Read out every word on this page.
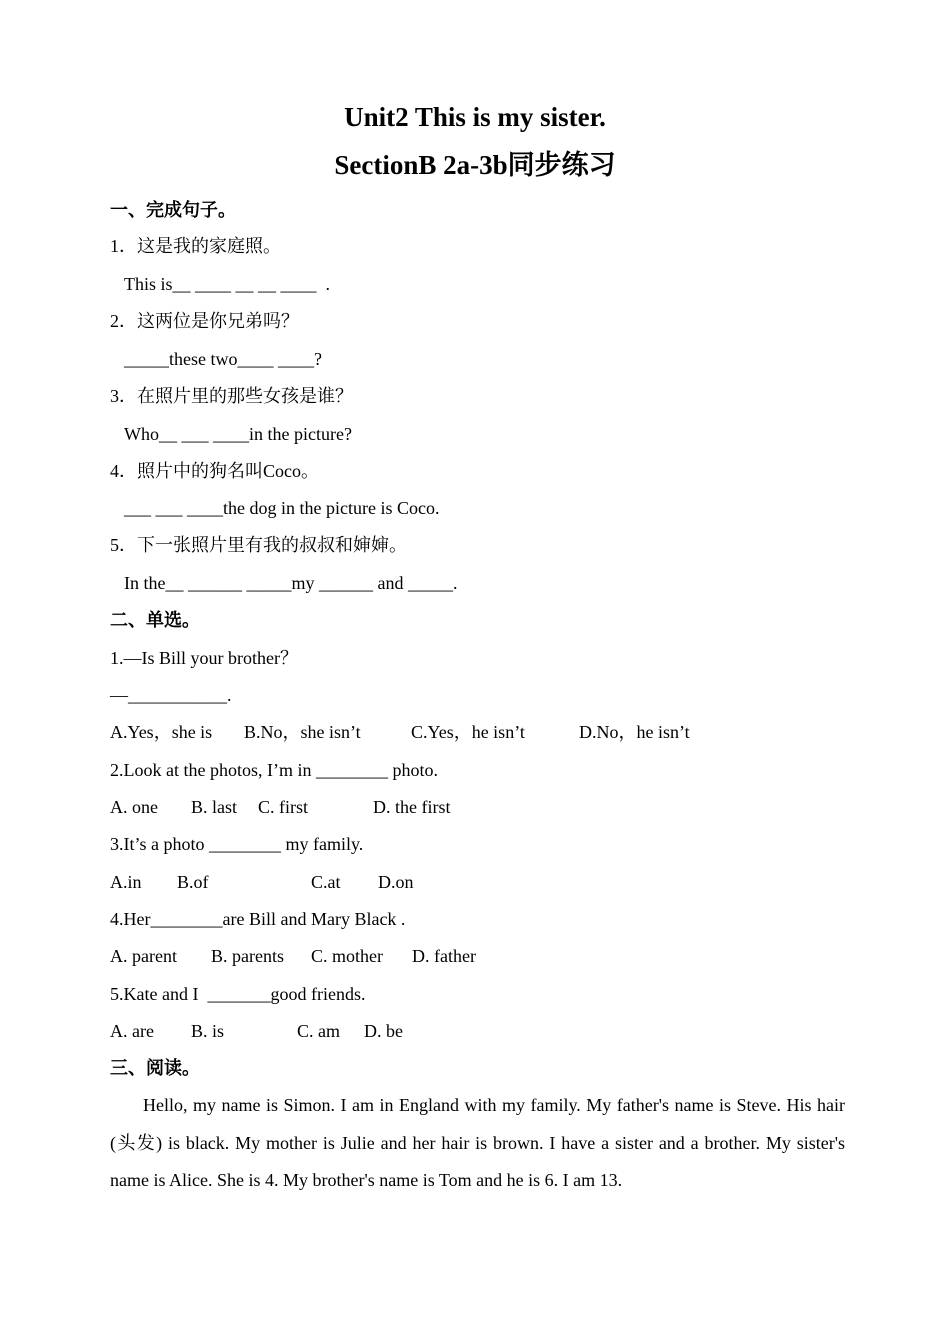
Unit2 This is my sister.
SectionB 2a-3b同步练习
一、完成句子。
1．这是我的家庭照。
This is__ ____ __ __ ____  .
2．这两位是你兄弟吗？
_____these two____ ____?
3．在照片里的那些女孩是谁？
Who__ ___ ____in the picture?
4．照片中的狗名叫Coco。
___ ___ ____the dog in the picture is Coco.
5．下一张照片里有我的叔叔和婶婶。
In the__ ______ _____my ______ and _____.
二、单选。
1.—Is Bill your brother？
—___________.
A.Yes，she is B.No，she isn’t	C.Yes，he isn’t	D.No，he isn’t
2.Look at the photos, I’m in ________ photo.
A. one B. last C. first	D. the first
3.It’s a photo ________ my family.
A.in B.of	C.at D.on
4.Her________are Bill and Mary Black .
A. parent B. parents C. mother D. father
5.Kate and I  _______good friends.
A. are B. is	C. am D. be
三、阅读。

Hello, my name is Simon. I am in England with my family. My father's name is Steve. His hair (头发) is black. My mother is Julie and her hair is brown. I have a sister and a brother. My sister's name is Alice. She is 4. My brother's name is Tom and he is 6. I am 13.
